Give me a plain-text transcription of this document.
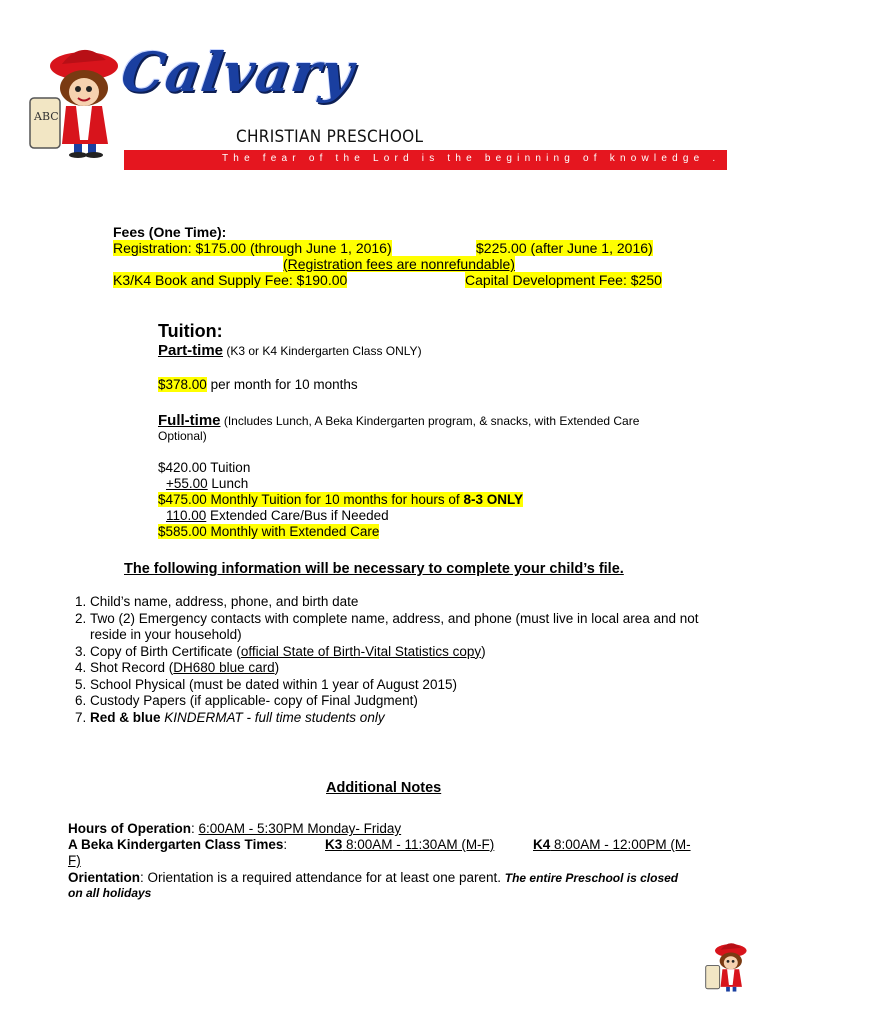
ABC
Calvary
CHRISTIAN PRESCHOOL
The fear of the Lord is the beginning of knowledge . . . Proverbs 1:7
Fees (One Time):
Registration: $175.00 (through June 1, 2016)	$225.00 (after June 1, 2016)
(Registration fees are nonrefundable)
K3/K4 Book and Supply Fee: $190.00	Capital Development Fee: $250
Tuition:
Part-time (K3 or K4 Kindergarten Class ONLY)
$378.00 per month for 10 months
Full-time (Includes Lunch, A Beka Kindergarten program, & snacks, with Extended Care
Optional)
$420.00 Tuition
+55.00 Lunch
$475.00 Monthly Tuition for 10 months for hours of 8-3 ONLY
110.00 Extended Care/Bus if Needed
$585.00 Monthly with Extended Care
The following information will be necessary to complete your child’s file.
1. Child’s name, address, phone, and birth date
2. Two (2) Emergency contacts with complete name, address, and phone (must live in local area and not reside in your household)
3. Copy of Birth Certificate (official State of Birth-Vital Statistics copy)
4. Shot Record (DH680 blue card)
5. School Physical (must be dated within 1 year of August 2015)
6. Custody Papers (if applicable- copy of Final Judgment)
7. Red & blue KINDERMAT - full time students only
Additional Notes
Hours of Operation: 6:00AM - 5:30PM Monday- Friday
A Beka Kindergarten Class Times:	K3 8:00AM - 11:30AM (M-F)	K4 8:00AM - 12:00PM (M-
F)
Orientation: Orientation is a required attendance for at least one parent. The entire Preschool is closed
on all holidays
